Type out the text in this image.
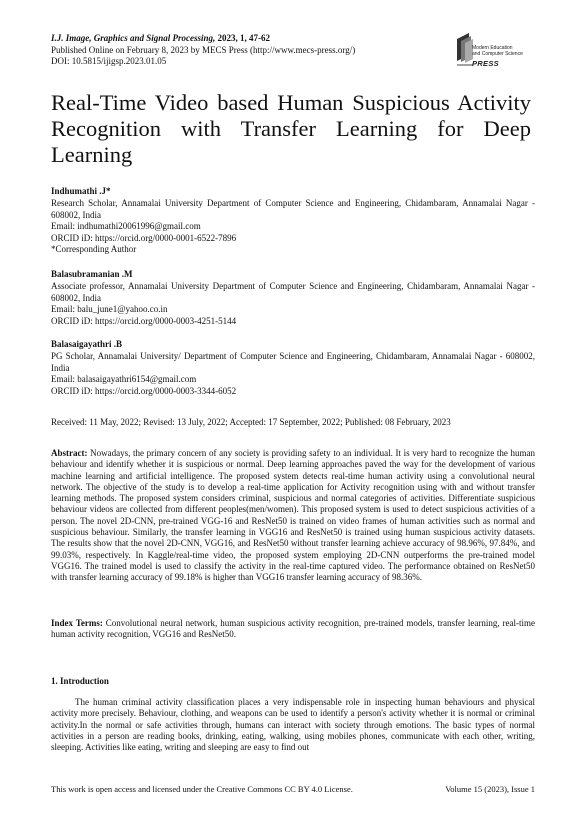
I.J. Image, Graphics and Signal Processing, 2023, 1, 47-62
Published Online on February 8, 2023 by MECS Press (http://www.mecs-press.org/)
DOI: 10.5815/ijigsp.2023.01.05
Modern Education
and Computer Science
PRESS
Real-Time Video based Human Suspicious Activity Recognition with Transfer Learning for Deep Learning
Indhumathi .J*
Research Scholar, Annamalai University Department of Computer Science and Engineering, Chidambaram, Annamalai Nagar - 608002, India
Email: indhumathi20061996@gmail.com
ORCID iD: https://orcid.org/0000-0001-6522-7896
*Corresponding Author
Balasubramanian .M
Associate professor, Annamalai University Department of Computer Science and Engineering, Chidambaram, Annamalai Nagar - 608002, India
Email: balu_june1@yahoo.co.in
ORCID iD: https://orcid.org/0000-0003-4251-5144
Balasaigayathri .B
PG Scholar, Annamalai University/ Department of Computer Science and Engineering, Chidambaram, Annamalai Nagar - 608002, India
Email: balasaigayathri6154@gmail.com
ORCID iD: https://orcid.org/0000-0003-3344-6052
Received: 11 May, 2022; Revised: 13 July, 2022; Accepted: 17 September, 2022; Published: 08 February, 2023
Abstract: Nowadays, the primary concern of any society is providing safety to an individual. It is very hard to recognize the human behaviour and identify whether it is suspicious or normal. Deep learning approaches paved the way for the development of various machine learning and artificial intelligence. The proposed system detects real-time human activity using a convolutional neural network. The objective of the study is to develop a real-time application for Activity recognition using with and without transfer learning methods. The proposed system considers criminal, suspicious and normal categories of activities. Differentiate suspicious behaviour videos are collected from different peoples(men/women). This proposed system is used to detect suspicious activities of a person. The novel 2D-CNN, pre-trained VGG-16 and ResNet50 is trained on video frames of human activities such as normal and suspicious behaviour. Similarly, the transfer learning in VGG16 and ResNet50 is trained using human suspicious activity datasets. The results show that the novel 2D-CNN, VGG16, and ResNet50 without transfer learning achieve accuracy of 98.96%, 97.84%, and 99.03%, respectively. In Kaggle/real-time video, the proposed system employing 2D-CNN outperforms the pre-trained model VGG16. The trained model is used to classify the activity in the real-time captured video. The performance obtained on ResNet50 with transfer learning accuracy of 99.18% is higher than VGG16 transfer learning accuracy of 98.36%.
Index Terms: Convolutional neural network, human suspicious activity recognition, pre-trained models, transfer learning, real-time human activity recognition, VGG16 and ResNet50.
1. Introduction
The human criminal activity classification places a very indispensable role in inspecting human behaviours and physical activity more precisely. Behaviour, clothing, and weapons can be used to identify a person's activity whether it is normal or criminal activity.In the normal or safe activities through, humans can interact with society through emotions. The basic types of normal activities in a person are reading books, drinking, eating, walking, using mobiles phones, communicate with each other, writing, sleeping. Activities like eating, writing and sleeping are easy to find out
This work is open access and licensed under the Creative Commons CC BY 4.0 License.	Volume 15 (2023), Issue 1
